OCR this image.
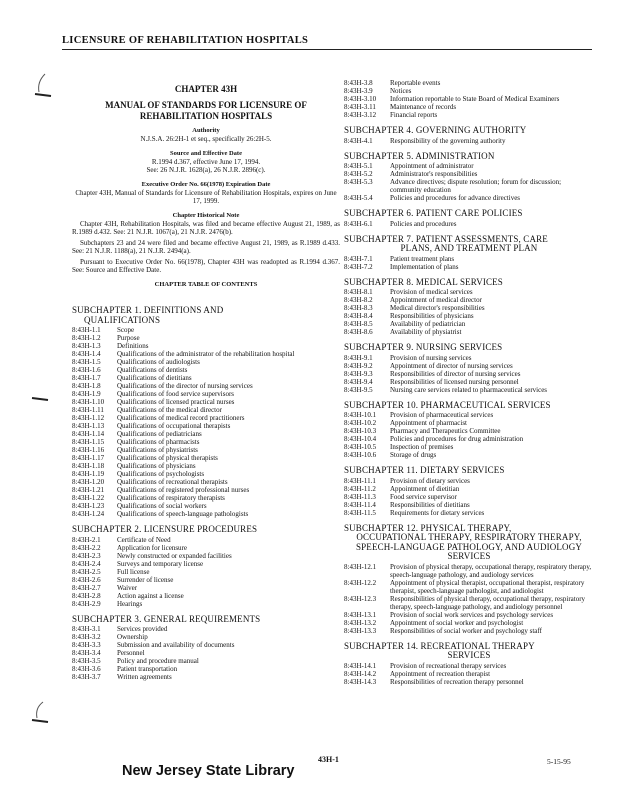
LICENSURE OF REHABILITATION HOSPITALS
CHAPTER 43H
MANUAL OF STANDARDS FOR LICENSURE OF REHABILITATION HOSPITALS
Authority
N.J.S.A. 26:2H-1 et seq., specifically 26:2H-5.
Source and Effective Date
R.1994 d.367, effective June 17, 1994.
See: 26 N.J.R. 1628(a), 26 N.J.R. 2896(c).
Executive Order No. 66(1978) Expiration Date
Chapter 43H, Manual of Standards for Licensure of Rehabilitation Hospitals, expires on June 17, 1999.
Chapter Historical Note
Chapter 43H, Rehabilitation Hospitals, was filed and became effective August 21, 1989, as R.1989 d.432. See: 21 N.J.R. 1067(a), 21 N.J.R. 2476(b).
Subchapters 23 and 24 were filed and became effective August 21, 1989, as R.1989 d.433. See: 21 N.J.R. 1188(a), 21 N.J.R. 2494(a).
Pursuant to Executive Order No. 66(1978), Chapter 43H was readopted as R.1994 d.367. See: Source and Effective Date.
CHAPTER TABLE OF CONTENTS
SUBCHAPTER 1. DEFINITIONS AND
QUALIFICATIONS
8:43H-1.1	Scope
8:43H-1.2	Purpose
8:43H-1.3	Definitions
8:43H-1.4	Qualifications of the administrator of the rehabilitation hospital
8:43H-1.5	Qualifications of audiologists
8:43H-1.6	Qualifications of dentists
8:43H-1.7	Qualifications of dietitians
8:43H-1.8	Qualifications of the director of nursing services
8:43H-1.9	Qualifications of food service supervisors
8:43H-1.10	Qualifications of licensed practical nurses
8:43H-1.11	Qualifications of the medical director
8:43H-1.12	Qualifications of medical record practitioners
8:43H-1.13	Qualifications of occupational therapists
8:43H-1.14	Qualifications of pediatricians
8:43H-1.15	Qualifications of pharmacists
8:43H-1.16	Qualifications of physiatrists
8:43H-1.17	Qualifications of physical therapists
8:43H-1.18	Qualifications of physicians
8:43H-1.19	Qualifications of psychologists
8:43H-1.20	Qualifications of recreational therapists
8:43H-1.21	Qualifications of registered professional nurses
8:43H-1.22	Qualifications of respiratory therapists
8:43H-1.23	Qualifications of social workers
8:43H-1.24	Qualifications of speech-language pathologists
SUBCHAPTER 2. LICENSURE PROCEDURES
8:43H-2.1	Certificate of Need
8:43H-2.2	Application for licensure
8:43H-2.3	Newly constructed or expanded facilities
8:43H-2.4	Surveys and temporary license
8:43H-2.5	Full license
8:43H-2.6	Surrender of license
8:43H-2.7	Waiver
8:43H-2.8	Action against a license
8:43H-2.9	Hearings
SUBCHAPTER 3. GENERAL REQUIREMENTS
8:43H-3.1	Services provided
8:43H-3.2	Ownership
8:43H-3.3	Submission and availability of documents
8:43H-3.4	Personnel
8:43H-3.5	Policy and procedure manual
8:43H-3.6	Patient transportation
8:43H-3.7	Written agreements
8:43H-3.8	Reportable events
8:43H-3.9	Notices
8:43H-3.10	Information reportable to State Board of Medical Examiners
8:43H-3.11	Maintenance of records
8:43H-3.12	Financial reports
SUBCHAPTER 4. GOVERNING AUTHORITY
8:43H-4.1	Responsibility of the governing authority
SUBCHAPTER 5. ADMINISTRATION
8:43H-5.1	Appointment of administrator
8:43H-5.2	Administrator's responsibilities
8:43H-5.3	Advance directives; dispute resolution; forum for discussion; community education
8:43H-5.4	Policies and procedures for advance directives
SUBCHAPTER 6. PATIENT CARE POLICIES
8:43H-6.1	Policies and procedures
SUBCHAPTER 7. PATIENT ASSESSMENTS, CARE
PLANS, AND TREATMENT PLAN
8:43H-7.1	Patient treatment plans
8:43H-7.2	Implementation of plans
SUBCHAPTER 8. MEDICAL SERVICES
8:43H-8.1	Provision of medical services
8:43H-8.2	Appointment of medical director
8:43H-8.3	Medical director's responsibilities
8:43H-8.4	Responsibilities of physicians
8:43H-8.5	Availability of pediatrician
8:43H-8.6	Availability of physiatrist
SUBCHAPTER 9. NURSING SERVICES
8:43H-9.1	Provision of nursing services
8:43H-9.2	Appointment of director of nursing services
8:43H-9.3	Responsibilities of director of nursing services
8:43H-9.4	Responsibilities of licensed nursing personnel
8:43H-9.5	Nursing care services related to pharmaceutical services
SUBCHAPTER 10. PHARMACEUTICAL SERVICES
8:43H-10.1	Provision of pharmaceutical services
8:43H-10.2	Appointment of pharmacist
8:43H-10.3	Pharmacy and Therapeutics Committee
8:43H-10.4	Policies and procedures for drug administration
8:43H-10.5	Inspection of premises
8:43H-10.6	Storage of drugs
SUBCHAPTER 11. DIETARY SERVICES
8:43H-11.1	Provision of dietary services
8:43H-11.2	Appointment of dietitian
8:43H-11.3	Food service supervisor
8:43H-11.4	Responsibilities of dietitians
8:43H-11.5	Requirements for dietary services
SUBCHAPTER 12. PHYSICAL THERAPY,
OCCUPATIONAL THERAPY, RESPIRATORY THERAPY, SPEECH-LANGUAGE PATHOLOGY, AND AUDIOLOGY SERVICES
8:43H-12.1	Provision of physical therapy, occupational therapy, respiratory therapy, speech-language pathology, and audiology services
8:43H-12.2	Appointment of physical therapist, occupational therapist, respiratory therapist, speech-language pathologist, and audiologist
8:43H-12.3	Responsibilities of physical therapy, occupational therapy, respiratory therapy, speech-language pathology, and audiology personnel
8:43H-13.1	Provision of social work services and psychology services
8:43H-13.2	Appointment of social worker and psychologist
8:43H-13.3	Responsibilities of social worker and psychology staff
SUBCHAPTER 14. RECREATIONAL THERAPY
SERVICES
8:43H-14.1	Provision of recreational therapy services
8:43H-14.2	Appointment of recreation therapist
8:43H-14.3	Responsibilities of recreation therapy personnel
New Jersey State Library
43H-1	5-15-95
